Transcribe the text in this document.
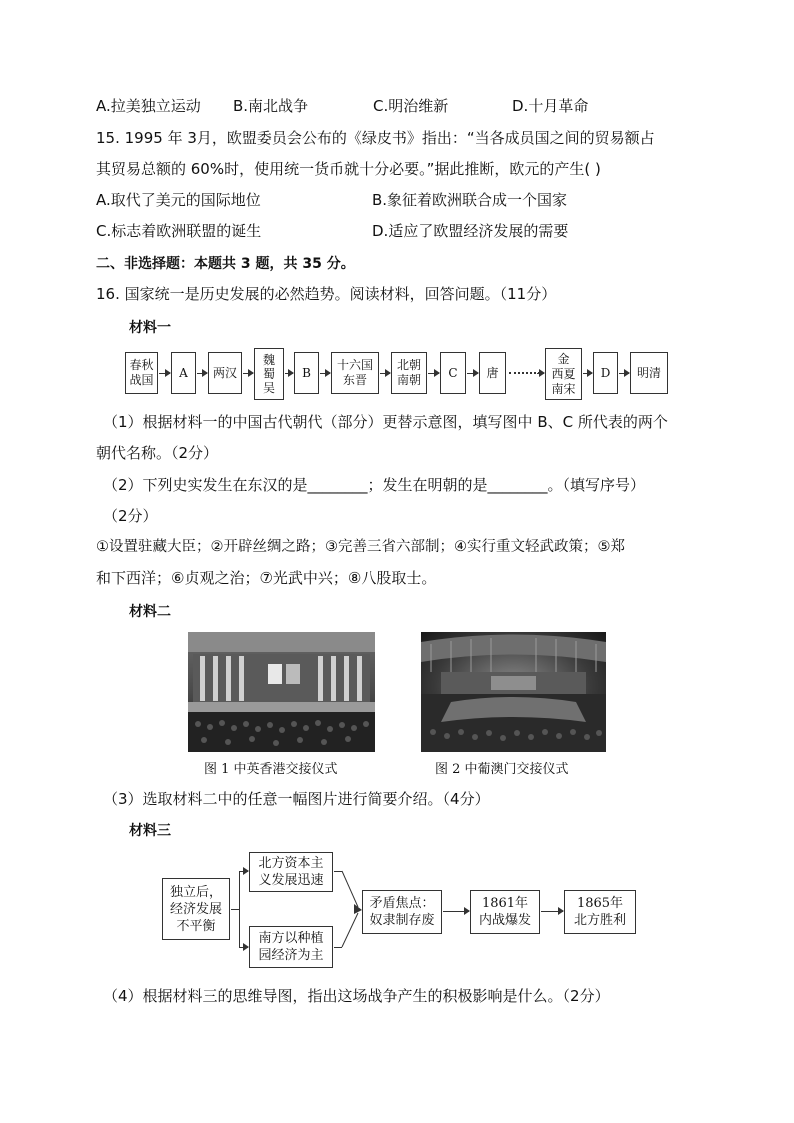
A.拉美独立运动 B.南北战争	C.明治维新	D.十月革命
15. 1995 年 3月，欧盟委员会公布的《绿皮书》指出：“当各成员国之间的贸易额占
其贸易总额的 60%时，使用统一货币就十分必要。”据此推断，欧元的产生( )
A.取代了美元的国际地位	B.象征着欧洲联合成一个国家
C.标志着欧洲联盟的诞生	D.适应了欧盟经济发展的需要
二、非选择题：本题共 3 题，共 35 分。
16. 国家统一是历史发展的必然趋势。阅读材料，回答问题。（11分）
材料一
春秋
战国
A	两汉
魏
蜀
吴
B
十六国
东晋
北朝
南朝
C	唐
金
西夏
南宋
D	明清
（1）根据材料一的中国古代朝代（部分）更替示意图，填写图中 B、C 所代表的两个
朝代名称。（2分）
（2）下列史实发生在东汉的是________；发生在明朝的是________。（填写序号）
（2分）
①设置驻藏大臣；②开辟丝绸之路；③完善三省六部制；④实行重文轻武政策；⑤郑
和下西洋；⑥贞观之治；⑦光武中兴；⑧八股取士。
材料二
图 1 中英香港交接仪式	图 2 中葡澳门交接仪式
（3）选取材料二中的任意一幅图片进行简要介绍。（4分）
材料三
独立后，
经济发展
不平衡
北方资本主
义发展迅速
南方以种植
园经济为主
矛盾焦点：
奴隶制存废
1861年
内战爆发
1865年
北方胜利
（4）根据材料三的思维导图，指出这场战争产生的积极影响是什么。（2分）
